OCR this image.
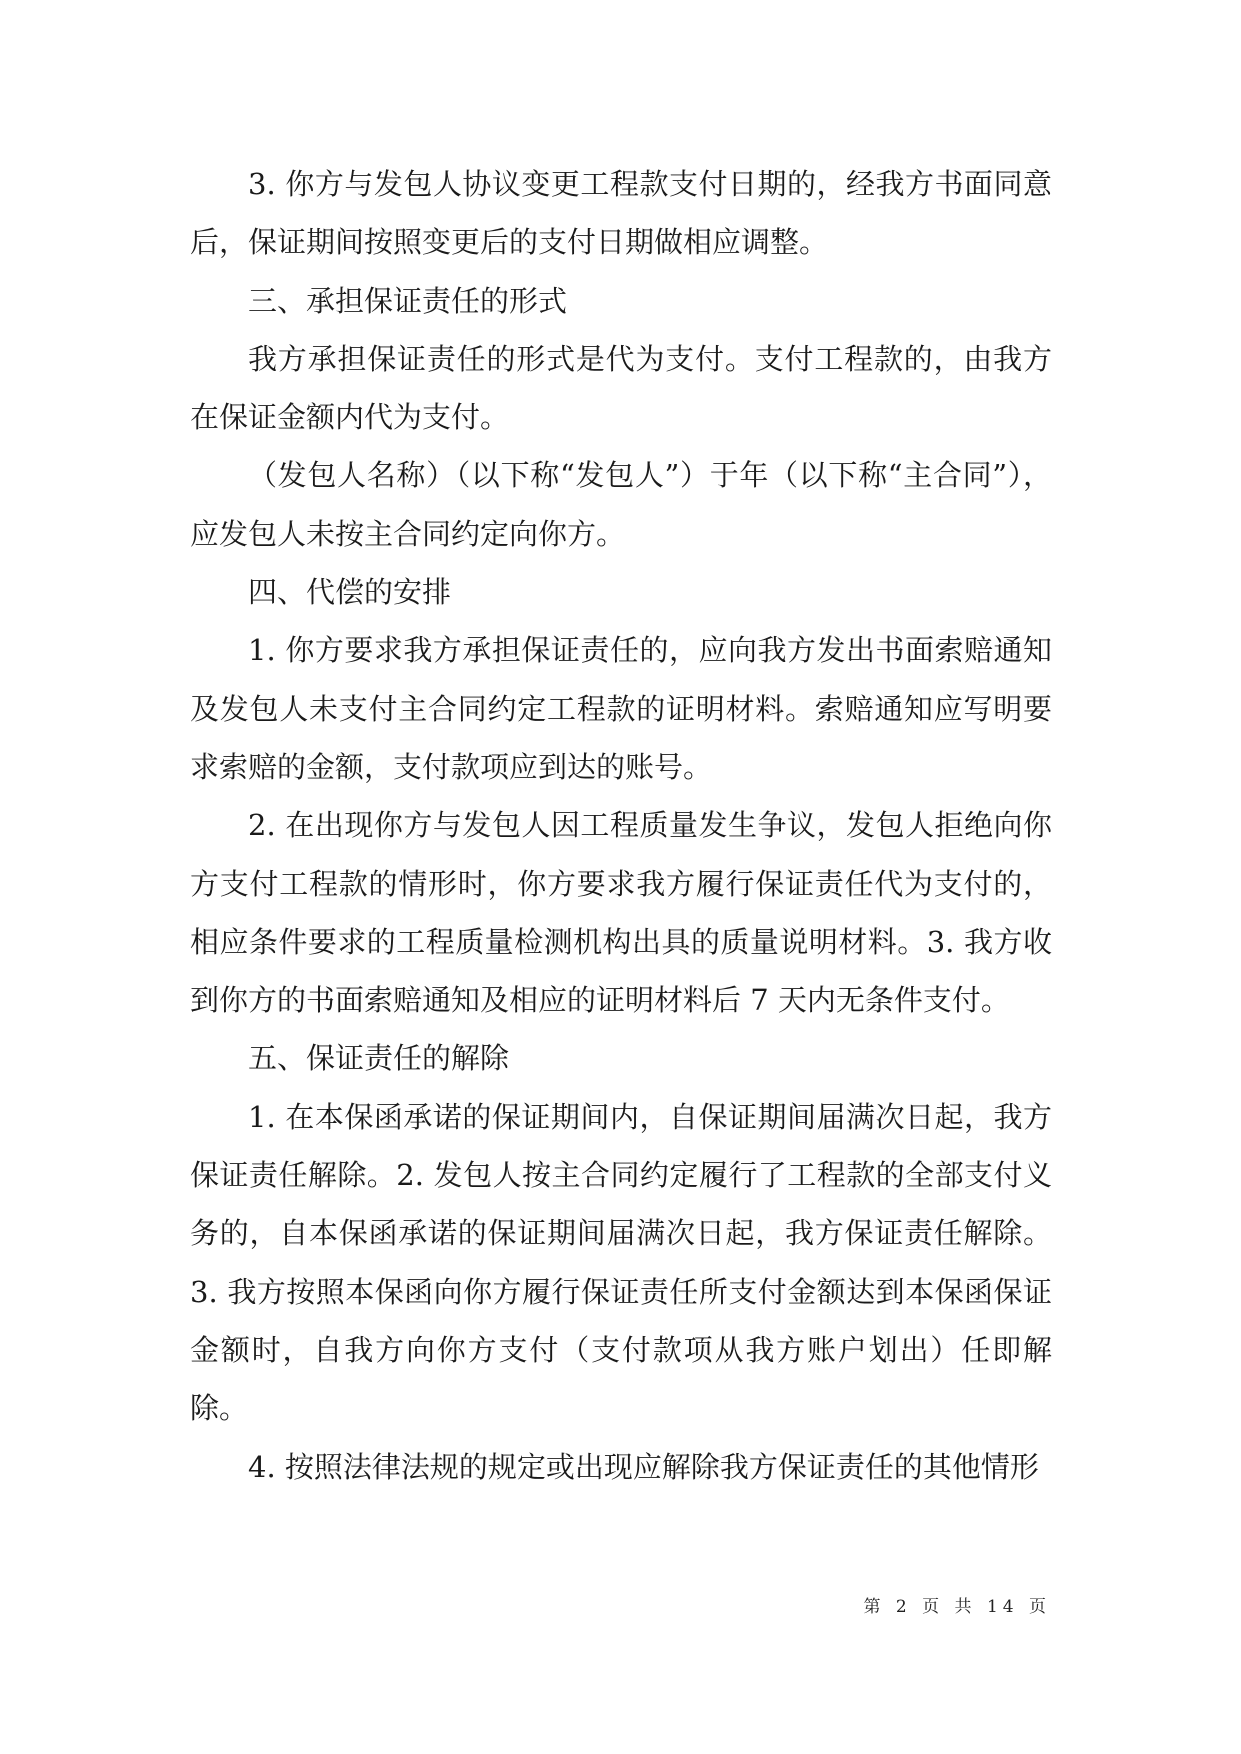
3. 你方与发包人协议变更工程款支付日期的，经我方书面同意后，保证期间按照变更后的支付日期做相应调整。

三、承担保证责任的形式

我方承担保证责任的形式是代为支付。支付工程款的，由我方在保证金额内代为支付。

（发包人名称）（以下称“发包人”）于年（以下称“主合同”），应发包人未按主合同约定向你方。

四、代偿的安排

1. 你方要求我方承担保证责任的，应向我方发出书面索赔通知及发包人未支付主合同约定工程款的证明材料。索赔通知应写明要求索赔的金额，支付款项应到达的账号。

2. 在出现你方与发包人因工程质量发生争议，发包人拒绝向你方支付工程款的情形时，你方要求我方履行保证责任代为支付的，相应条件要求的工程质量检测机构出具的质量说明材料。3. 我方收到你方的书面索赔通知及相应的证明材料后 7 天内无条件支付。

五、保证责任的解除

1. 在本保函承诺的保证期间内，自保证期间届满次日起，我方保证责任解除。2. 发包人按主合同约定履行了工程款的全部支付义务的，自本保函承诺的保证期间届满次日起，我方保证责任解除。3. 我方按照本保函向你方履行保证责任所支付金额达到本保函保证金额时，自我方向你方支付（支付款项从我方账户划出）任即解除。

4. 按照法律法规的规定或出现应解除我方保证责任的其他情形

第 2 页 共 14 页
